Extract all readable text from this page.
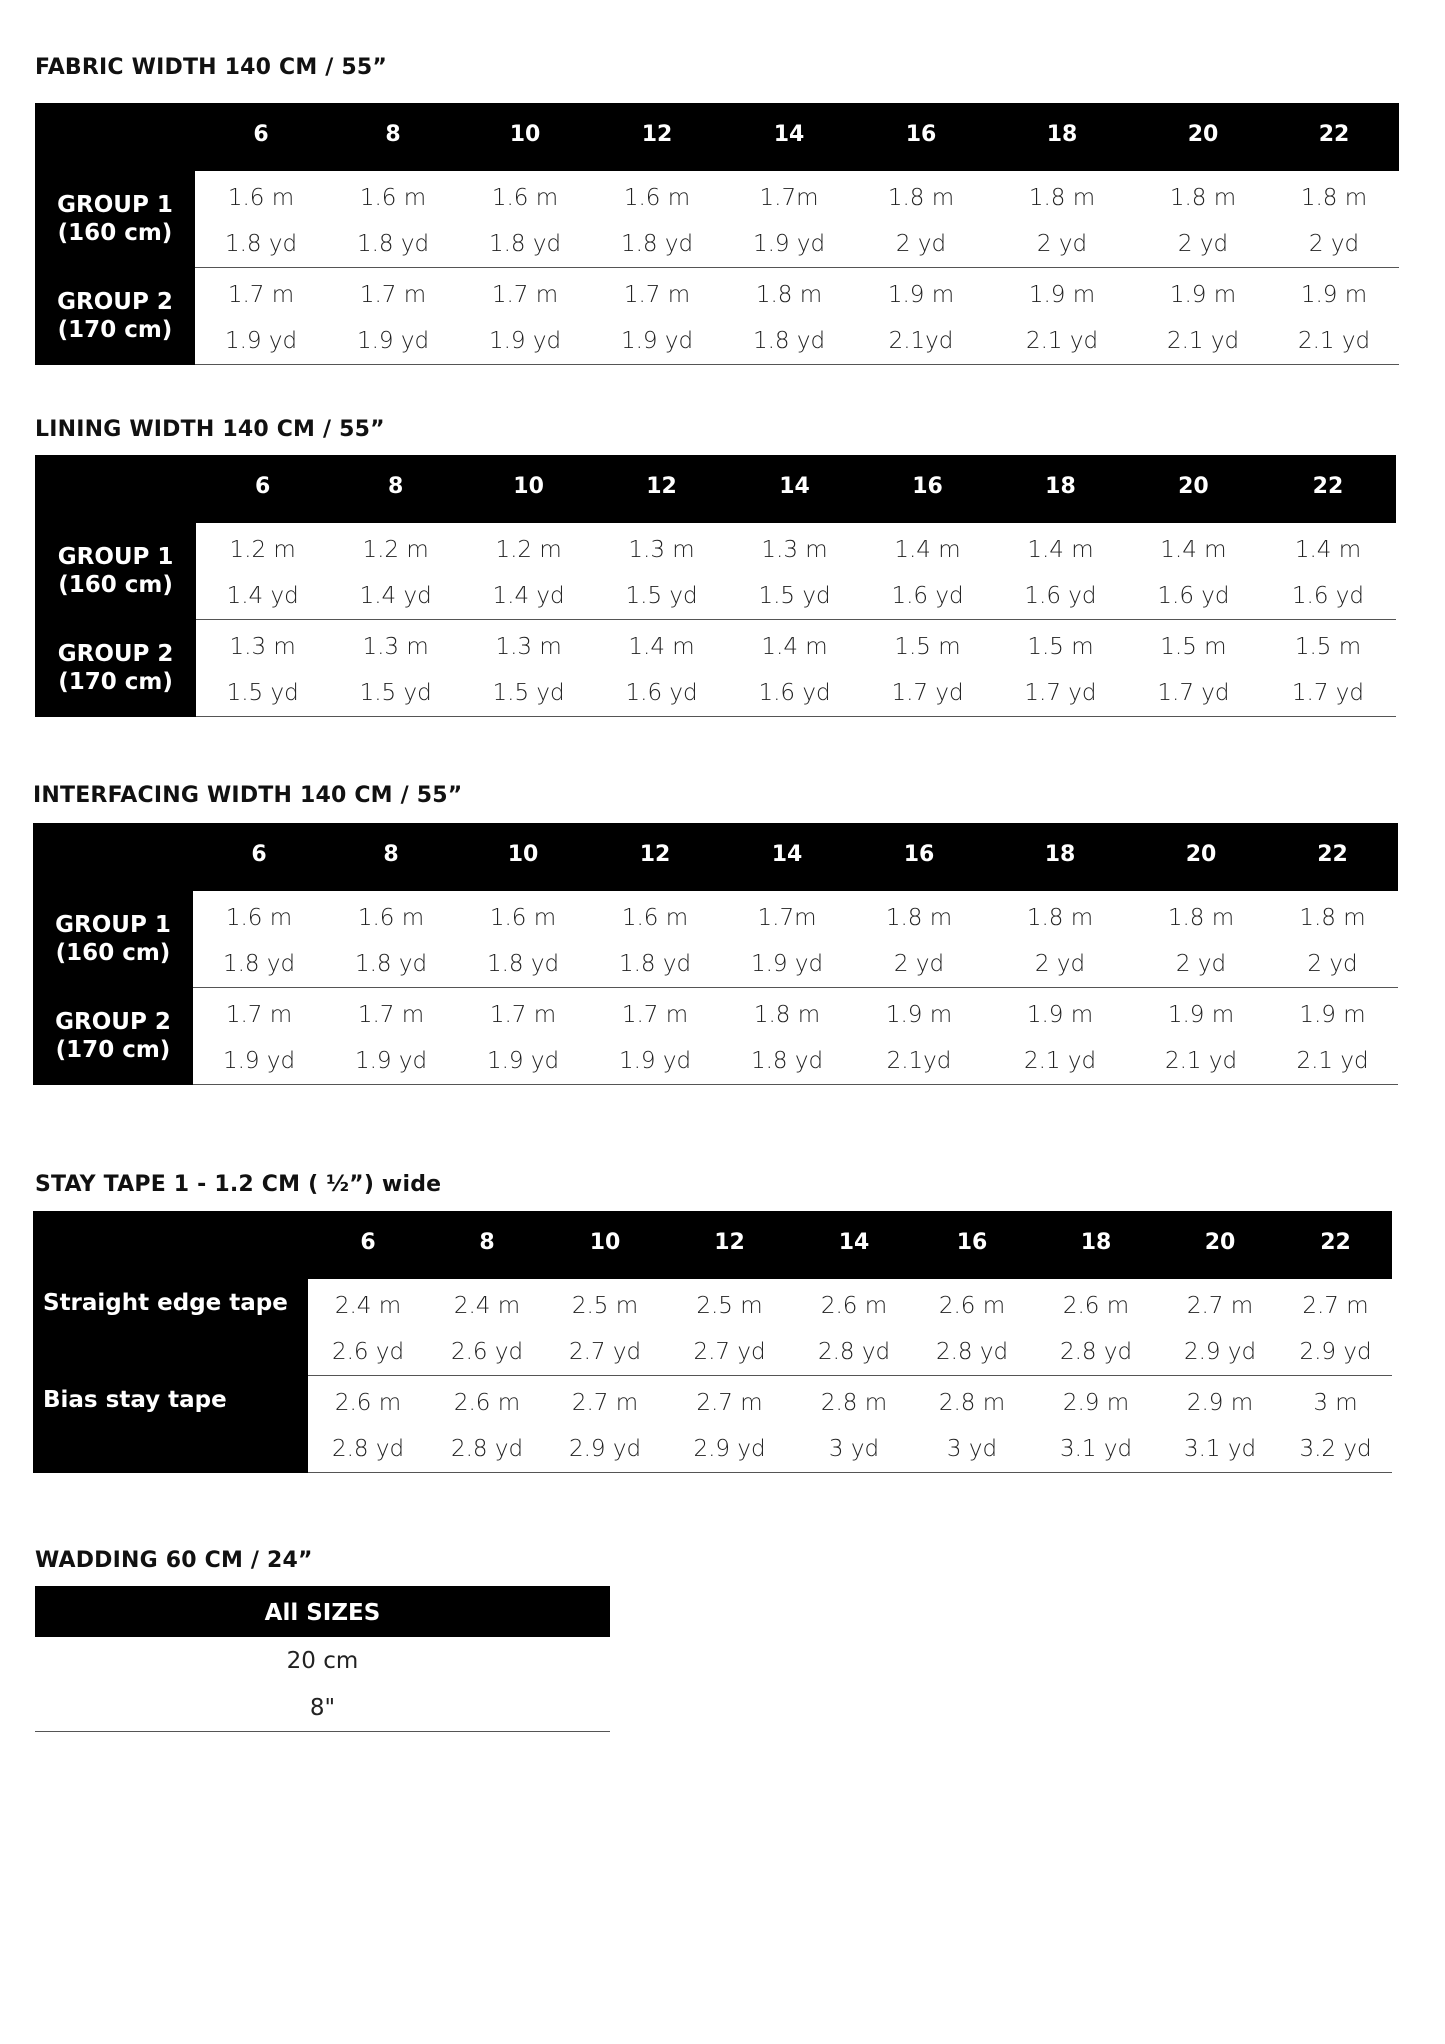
FABRIC WIDTH 140 CM / 55”
	6	8	10	12	14	16	18	20	22
GROUP 1
(160 cm)	1.6 m	1.6 m	1.6 m	1.6 m	1.7m	1.8 m	1.8 m	1.8 m	1.8 m
	1.8 yd	1.8 yd	1.8 yd	1.8 yd	1.9 yd	2 yd	2 yd	2 yd	2 yd
GROUP 2
(170 cm)	1.7 m	1.7 m	1.7 m	1.7 m	1.8 m	1.9 m	1.9 m	1.9 m	1.9 m
	1.9 yd	1.9 yd	1.9 yd	1.9 yd	1.8 yd	2.1yd	2.1 yd	2.1 yd	2.1 yd
LINING WIDTH 140 CM / 55”
	6	8	10	12	14	16	18	20	22
GROUP 1
(160 cm)	1.2 m	1.2 m	1.2 m	1.3 m	1.3 m	1.4 m	1.4 m	1.4 m	1.4 m
	1.4 yd	1.4 yd	1.4 yd	1.5 yd	1.5 yd	1.6 yd	1.6 yd	1.6 yd	1.6 yd
GROUP 2
(170 cm)	1.3 m	1.3 m	1.3 m	1.4 m	1.4 m	1.5 m	1.5 m	1.5 m	1.5 m
	1.5 yd	1.5 yd	1.5 yd	1.6 yd	1.6 yd	1.7 yd	1.7 yd	1.7 yd	1.7 yd
INTERFACING WIDTH 140 CM / 55”
	6	8	10	12	14	16	18	20	22
GROUP 1
(160 cm)	1.6 m	1.6 m	1.6 m	1.6 m	1.7m	1.8 m	1.8 m	1.8 m	1.8 m
	1.8 yd	1.8 yd	1.8 yd	1.8 yd	1.9 yd	2 yd	2 yd	2 yd	2 yd
GROUP 2
(170 cm)	1.7 m	1.7 m	1.7 m	1.7 m	1.8 m	1.9 m	1.9 m	1.9 m	1.9 m
	1.9 yd	1.9 yd	1.9 yd	1.9 yd	1.8 yd	2.1yd	2.1 yd	2.1 yd	2.1 yd
STAY TAPE 1 - 1.2 CM ( ½”) wide
	6	8	10	12	14	16	18	20	22
Straight edge tape	2.4 m	2.4 m	2.5 m	2.5 m	2.6 m	2.6 m	2.6 m	2.7 m	2.7 m
	2.6 yd	2.6 yd	2.7 yd	2.7 yd	2.8 yd	2.8 yd	2.8 yd	2.9 yd	2.9 yd
Bias stay tape	2.6 m	2.6 m	2.7 m	2.7 m	2.8 m	2.8 m	2.9 m	2.9 m	3 m
	2.8 yd	2.8 yd	2.9 yd	2.9 yd	3 yd	3 yd	3.1 yd	3.1 yd	3.2 yd
WADDING 60 CM / 24”
All SIZES
20 cm
8"
